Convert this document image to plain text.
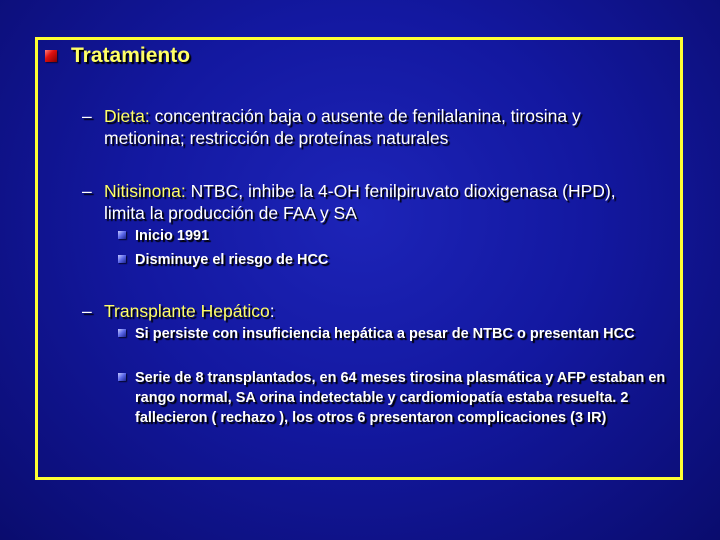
Tratamiento
– Dieta: concentración baja o ausente de fenilalanina, tirosina y metionina; restricción de proteínas naturales
– Nitisinona: NTBC, inhibe la 4-OH fenilpiruvato dioxigenasa (HPD), limita la producción de FAA y SA
Inicio 1991
Disminuye el riesgo de HCC
– Transplante Hepático:
Si persiste con insuficiencia hepática a pesar de NTBC o presentan HCC
Serie de 8 transplantados, en 64 meses tirosina plasmática y AFP estaban en rango normal, SA orina indetectable y cardiomiopatía estaba resuelta. 2 fallecieron ( rechazo ), los otros 6 presentaron complicaciones (3 IR)
